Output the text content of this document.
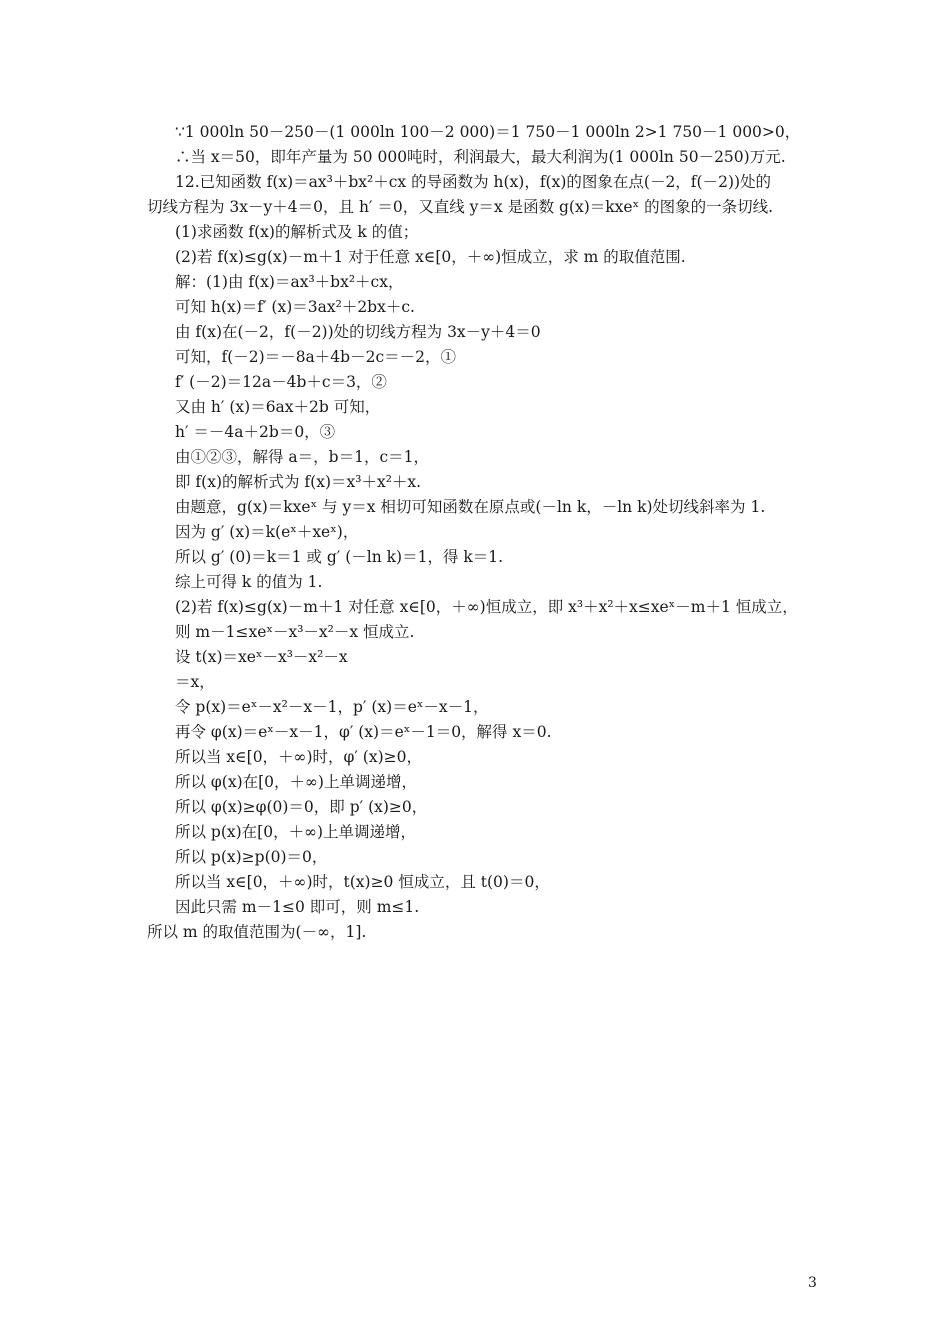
∵1 000ln 50－250－(1 000ln 100－2 000)＝1 750－1 000ln 2>1 750－1 000>0，
∴当 x＝50，即年产量为 50 000吨时，利润最大，最大利润为(1 000ln 50－250)万元.
12.已知函数 f(x)＝ax³＋bx²＋cx 的导函数为 h(x)，f(x)的图象在点(－2，f(－2))处的
切线方程为 3x－y＋4＝0，且 h′ ＝0，又直线 y＝x 是函数 g(x)＝kxeˣ 的图象的一条切线.
(1)求函数 f(x)的解析式及 k 的值；
(2)若 f(x)≤g(x)－m＋1 对于任意 x∈[0，＋∞)恒成立，求 m 的取值范围.
解：(1)由 f(x)＝ax³＋bx²＋cx，
可知 h(x)＝f′ (x)＝3ax²＋2bx＋c.
由 f(x)在(－2，f(－2))处的切线方程为 3x－y＋4＝0
可知，f(－2)＝－8a＋4b－2c＝－2，①
f′ (－2)＝12a－4b＋c＝3，②
又由 h′ (x)＝6ax＋2b 可知，
h′ ＝－4a＋2b＝0，③
由①②③，解得 a＝，b＝1，c＝1，
即 f(x)的解析式为 f(x)＝x³＋x²＋x.
由题意，g(x)＝kxeˣ 与 y＝x 相切可知函数在原点或(－ln k，－ln k)处切线斜率为 1.
因为 g′ (x)＝k(eˣ＋xeˣ)，
所以 g′ (0)＝k＝1 或 g′ (－ln k)＝1，得 k＝1.
综上可得 k 的值为 1.
(2)若 f(x)≤g(x)－m＋1 对任意 x∈[0，＋∞)恒成立，即 x³＋x²＋x≤xeˣ－m＋1 恒成立，
则 m－1≤xeˣ－x³－x²－x 恒成立.
设 t(x)＝xeˣ－x³－x²－x
＝x，
令 p(x)＝eˣ－x²－x－1，p′ (x)＝eˣ－x－1，
再令 φ(x)＝eˣ－x－1，φ′ (x)＝eˣ－1＝0，解得 x＝0.
所以当 x∈[0，＋∞)时，φ′ (x)≥0，
所以 φ(x)在[0，＋∞)上单调递增，
所以 φ(x)≥φ(0)＝0，即 p′ (x)≥0，
所以 p(x)在[0，＋∞)上单调递增，
所以 p(x)≥p(0)＝0，
所以当 x∈[0，＋∞)时，t(x)≥0 恒成立，且 t(0)＝0，
因此只需 m－1≤0 即可，则 m≤1.
所以 m 的取值范围为(－∞，1].
3
